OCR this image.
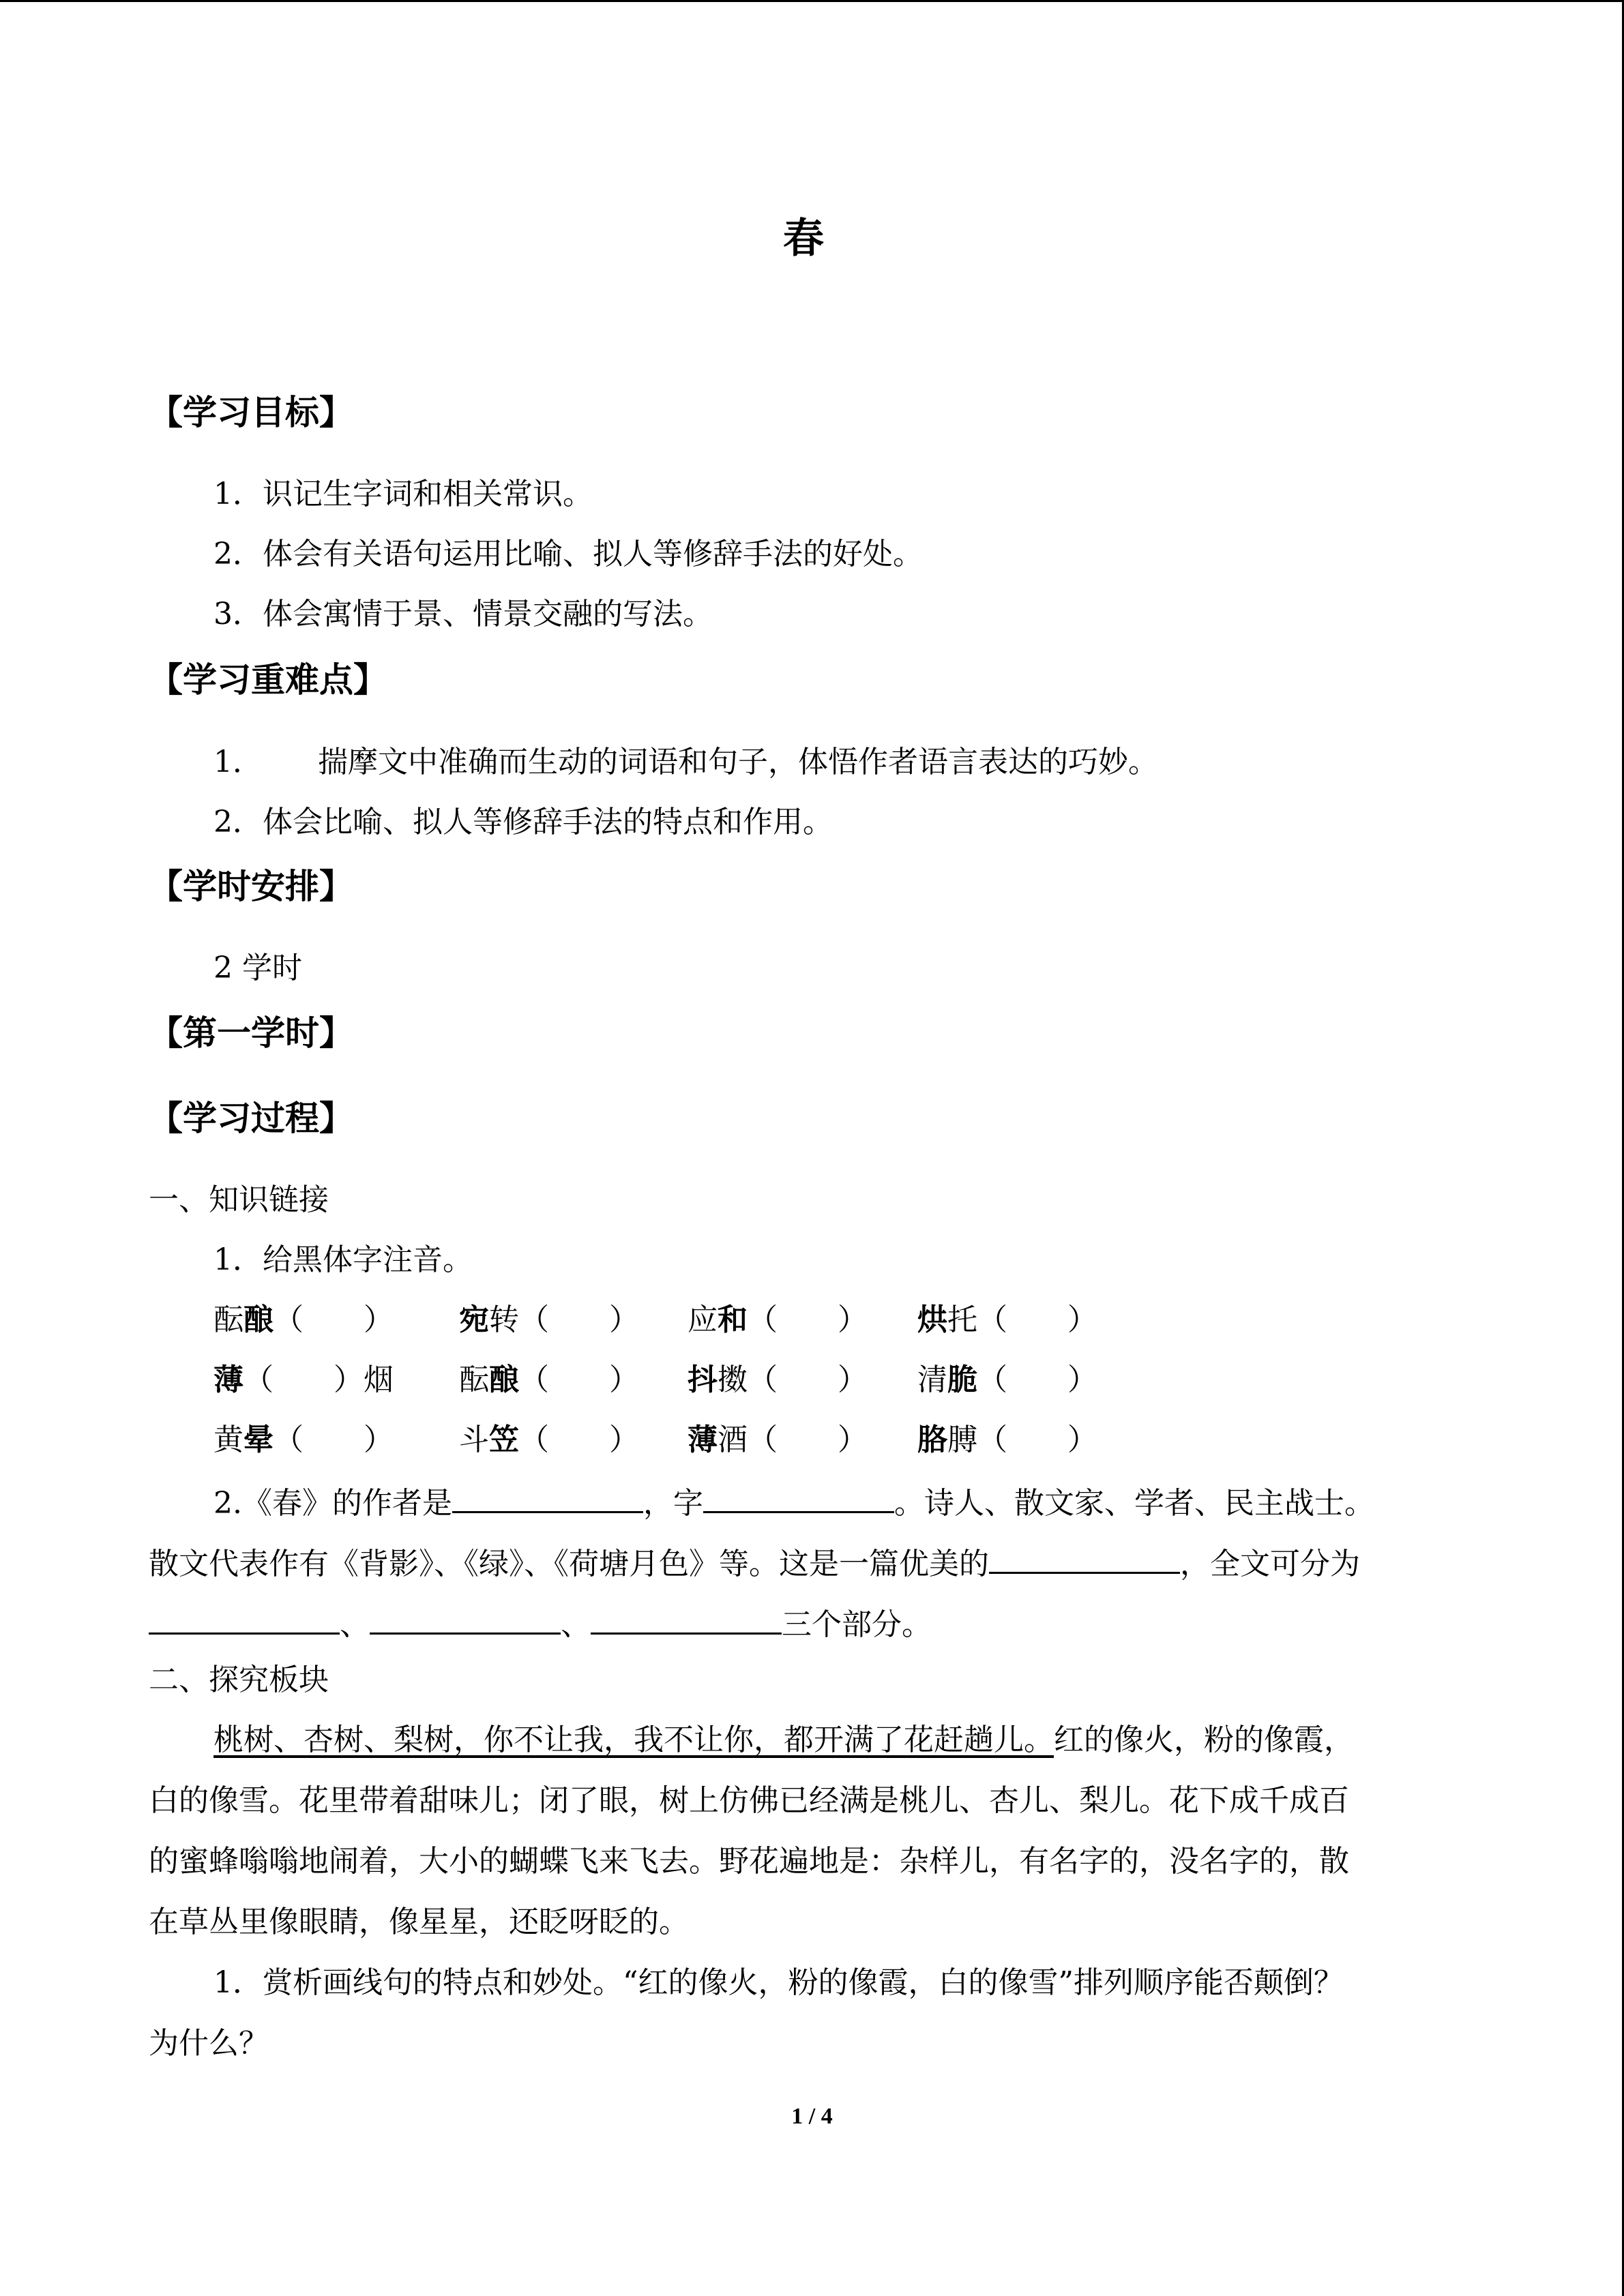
春
【学习目标】
1．识记生字词和相关常识。
2．体会有关语句运用比喻、拟人等修辞手法的好处。
3．体会寓情于景、情景交融的写法。
【学习重难点】
1． 揣摩文中准确而生动的词语和句子，体悟作者语言表达的巧妙。
2．体会比喻、拟人等修辞手法的特点和作用。
【学时安排】
2 学时
【第一学时】
【学习过程】
一、知识链接
1．给黑体字注音。
酝酿（　　） 宛转（　　） 应和（　　） 烘托（　　）
薄（　　）烟 酝酿（　　） 抖擞（　　） 清脆（　　）
黄晕（　　） 斗笠（　　） 薄酒（　　） 胳膊（　　）
2.《春》的作者是	，字	。诗人、散文家、学者、民主战士。
散文代表作有《背影》、《绿》、《荷塘月色》等。这是一篇优美的	，全文可分为
、	、	三个部分。
二、探究板块
桃树、杏树、梨树，你不让我，我不让你，都开满了花赶趟儿。红的像火，粉的像霞，
白的像雪。花里带着甜味儿；闭了眼，树上仿佛已经满是桃儿、杏儿、梨儿。花下成千成百
的蜜蜂嗡嗡地闹着，大小的蝴蝶飞来飞去。野花遍地是：杂样儿，有名字的，没名字的，散
在草丛里像眼睛，像星星，还眨呀眨的。
1．赏析画线句的特点和妙处。“红的像火，粉的像霞，白的像雪”排列顺序能否颠倒？
为什么？
1 / 4
